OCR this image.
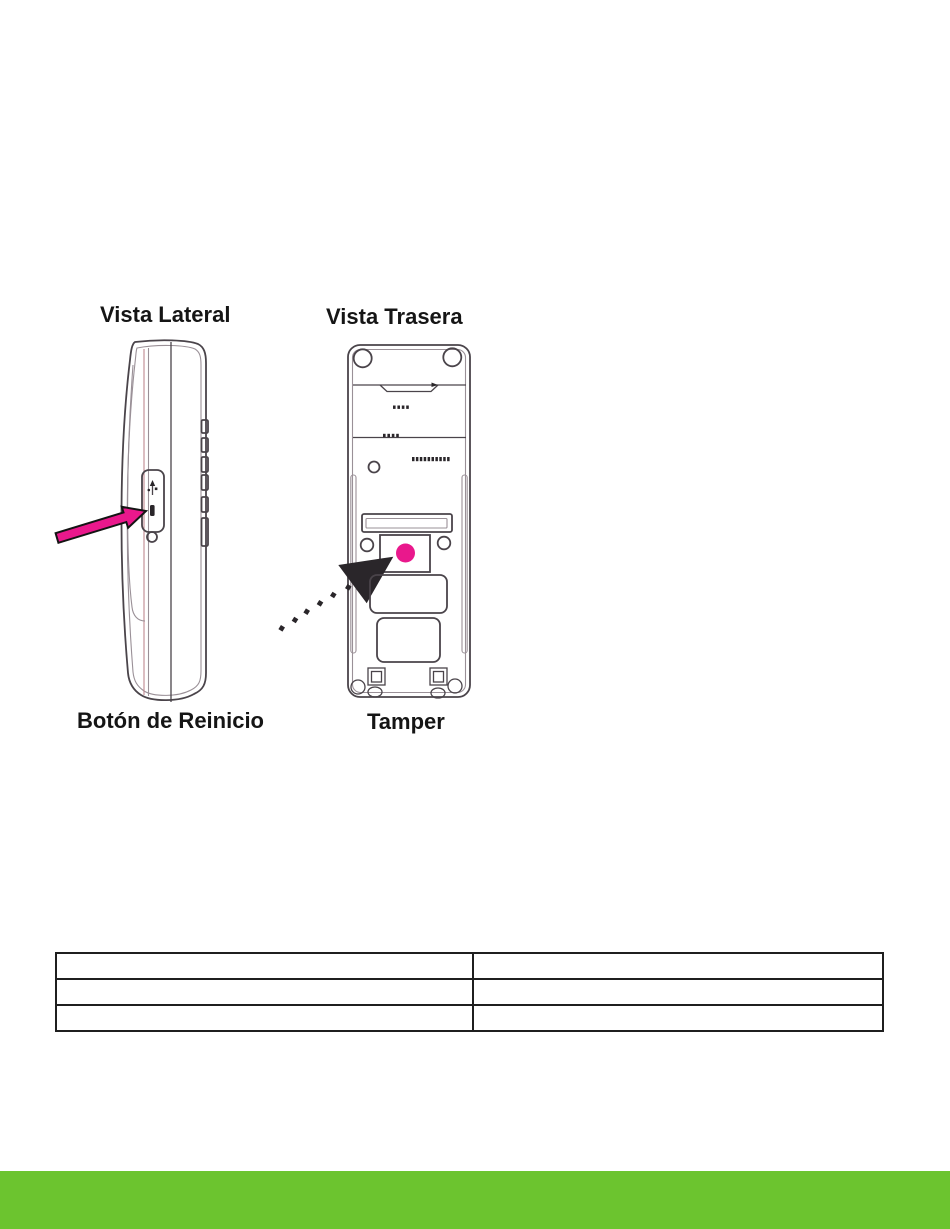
Vista Lateral	Vista Trasera
Botón de Reinicio	Tamper
